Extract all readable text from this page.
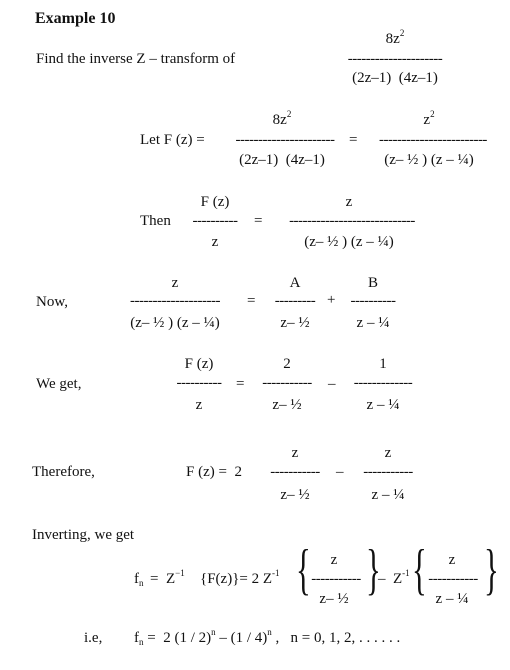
Example 10
Find the inverse Z – transform of
$8z^2$
---------------------
(2z–1)  (4z–1)
Let F (z) =
$8z^2$
----------------------
(2z–1)  (4z–1)
=
$z^2$
------------------------
(z– ½ ) (z – ¼)
Then
F (z)
----------
z
=
z
----------------------------
(z– ½ ) (z – ¼)
Now,
z
--------------------
(z– ½ ) (z – ¼)
=
A
---------
z– ½
+
B
----------
z – ¼
We get,
F (z)
----------
z
=
2
-----------
z– ½
–
1
-------------
z – ¼
Therefore,	F (z) =  2
z
-----------
z– ½
–
z
-----------
z – ¼
Inverting, we get
$f_n = Z^{-1}$ {F(z)}= 2 $Z^{-1}$ {	z
-----------
z– ½ }
–  $Z^{-1}$ {	z
-----------
z – ¼ }
i.e, $f_n = 2$ (1 / 2)$^n$ – (1 / 4)$^n$ ,   n = 0, 1, 2, . . . . . .
